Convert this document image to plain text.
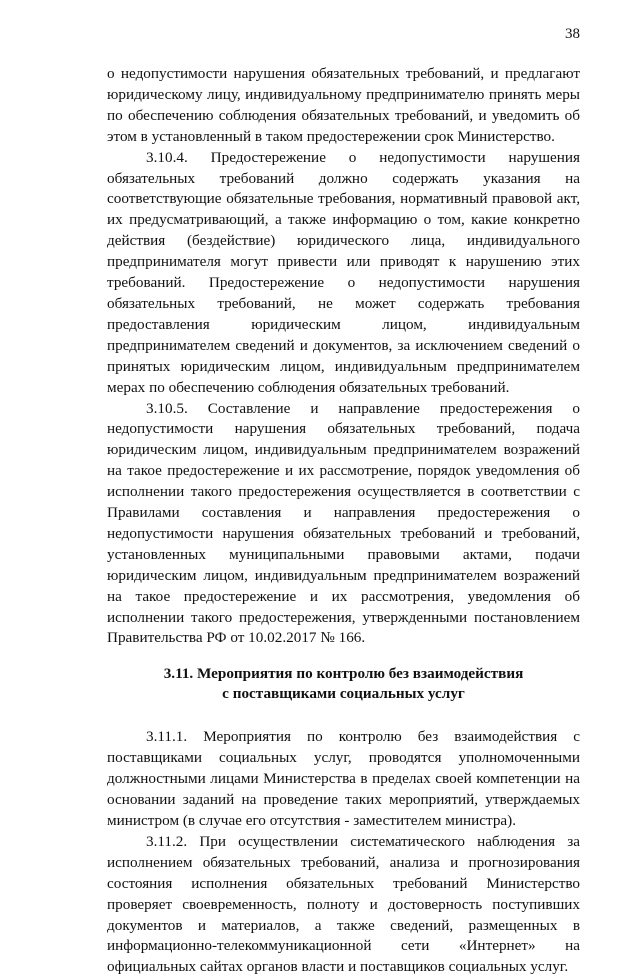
38

о недопустимости нарушения обязательных требований, и предлагают юридическому лицу, индивидуальному предпринимателю принять меры по обеспечению соблюдения обязательных требований, и уведомить об этом в установленный в таком предостережении срок Министерство.

3.10.4. Предостережение о недопустимости нарушения обязательных требований должно содержать указания на соответствующие обязательные требования, нормативный правовой акт, их предусматривающий, а также информацию о том, какие конкретно действия (бездействие) юридического лица, индивидуального предпринимателя могут привести или приводят к нарушению этих требований. Предостережение о недопустимости нарушения обязательных требований, не может содержать требования предоставления юридическим лицом, индивидуальным предпринимателем сведений и документов, за исключением сведений о принятых юридическим лицом, индивидуальным предпринимателем мерах по обеспечению соблюдения обязательных требований.

3.10.5. Составление и направление предостережения о недопустимости нарушения обязательных требований, подача юридическим лицом, индивидуальным предпринимателем возражений на такое предостережение и их рассмотрение, порядок уведомления об исполнении такого предостережения осуществляется в соответствии с Правилами составления и направления предостережения о недопустимости нарушения обязательных требований и требований, установленных муниципальными правовыми актами, подачи юридическим лицом, индивидуальным предпринимателем возражений на такое предостережение и их рассмотрения, уведомления об исполнении такого предостережения, утвержденными постановлением Правительства РФ от 10.02.2017 № 166.

3.11. Мероприятия по контролю без взаимодействия
с поставщиками социальных услуг

3.11.1. Мероприятия по контролю без взаимодействия с поставщиками социальных услуг, проводятся уполномоченными должностными лицами Министерства в пределах своей компетенции на основании заданий на проведение таких мероприятий, утверждаемых министром (в случае его отсутствия - заместителем министра).

3.11.2. При осуществлении систематического наблюдения за исполнением обязательных требований, анализа и прогнозирования состояния исполнения обязательных требований Министерство проверяет своевременность, полноту и достоверность поступивших документов и материалов, а также сведений, размещенных в информационно-телекоммуникационной сети «Интернет» на официальных сайтах органов власти и поставщиков социальных услуг.
